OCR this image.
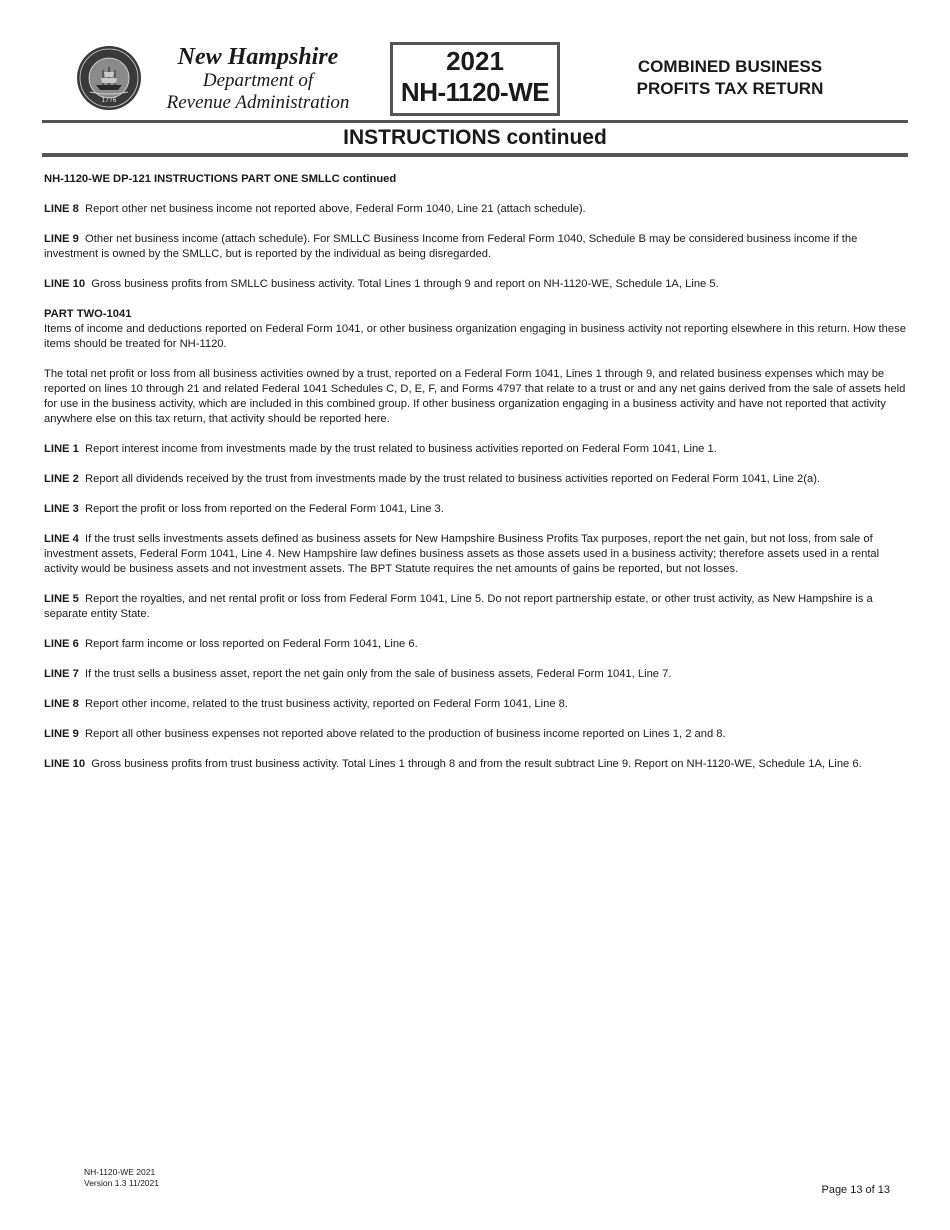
1776
New Hampshire
Department of
Revenue Administration
2021
NH-1120-WE
COMBINED BUSINESS
PROFITS TAX RETURN
INSTRUCTIONS continued

NH-1120-WE DP-121 INSTRUCTIONS PART ONE SMLLC continued

LINE 8 Report other net business income not reported above, Federal Form 1040, Line 21 (attach schedule).

LINE 9 Other net business income (attach schedule). For SMLLC Business Income from Federal Form 1040, Schedule B may be considered business income if the investment is owned by the SMLLC, but is reported by the individual as being disregarded.

LINE 10 Gross business profits from SMLLC business activity. Total Lines 1 through 9 and report on NH-1120-WE, Schedule 1A, Line 5.

PART TWO-1041

Items of income and deductions reported on Federal Form 1041, or other business organization engaging in business activity not reporting elsewhere in this return. How these items should be treated for NH-1120.

The total net profit or loss from all business activities owned by a trust, reported on a Federal Form 1041, Lines 1 through 9, and related business expenses which may be reported on lines 10 through 21 and related Federal 1041 Schedules C, D, E, F, and Forms 4797 that relate to a trust or and any net gains derived from the sale of assets held for use in the business activity, which are included in this combined group. If other business organization engaging in a business activity and have not reported that activity anywhere else on this tax return, that activity should be reported here.

LINE 1 Report interest income from investments made by the trust related to business activities reported on Federal Form 1041, Line 1.

LINE 2 Report all dividends received by the trust from investments made by the trust related to business activities reported on Federal Form 1041, Line 2(a).

LINE 3 Report the profit or loss from reported on the Federal Form 1041, Line 3.

LINE 4 If the trust sells investments assets defined as business assets for New Hampshire Business Profits Tax purposes, report the net gain, but not loss, from sale of investment assets, Federal Form 1041, Line 4. New Hampshire law defines business assets as those assets used in a business activity; therefore assets used in a rental activity would be business assets and not investment assets. The BPT Statute requires the net amounts of gains be reported, but not losses.

LINE 5 Report the royalties, and net rental profit or loss from Federal Form 1041, Line 5. Do not report partnership estate, or other trust activity, as New Hampshire is a separate entity State.

LINE 6 Report farm income or loss reported on Federal Form 1041, Line 6.

LINE 7 If the trust sells a business asset, report the net gain only from the sale of business assets, Federal Form 1041, Line 7.

LINE 8 Report other income, related to the trust business activity, reported on Federal Form 1041, Line 8.

LINE 9 Report all other business expenses not reported above related to the production of business income reported on Lines 1, 2 and 8.

LINE 10 Gross business profits from trust business activity. Total Lines 1 through 8 and from the result subtract Line 9. Report on NH-1120-WE, Schedule 1A, Line 6.

NH-1120-WE 2021
Version 1.3 11/2021
Page 13 of 13
